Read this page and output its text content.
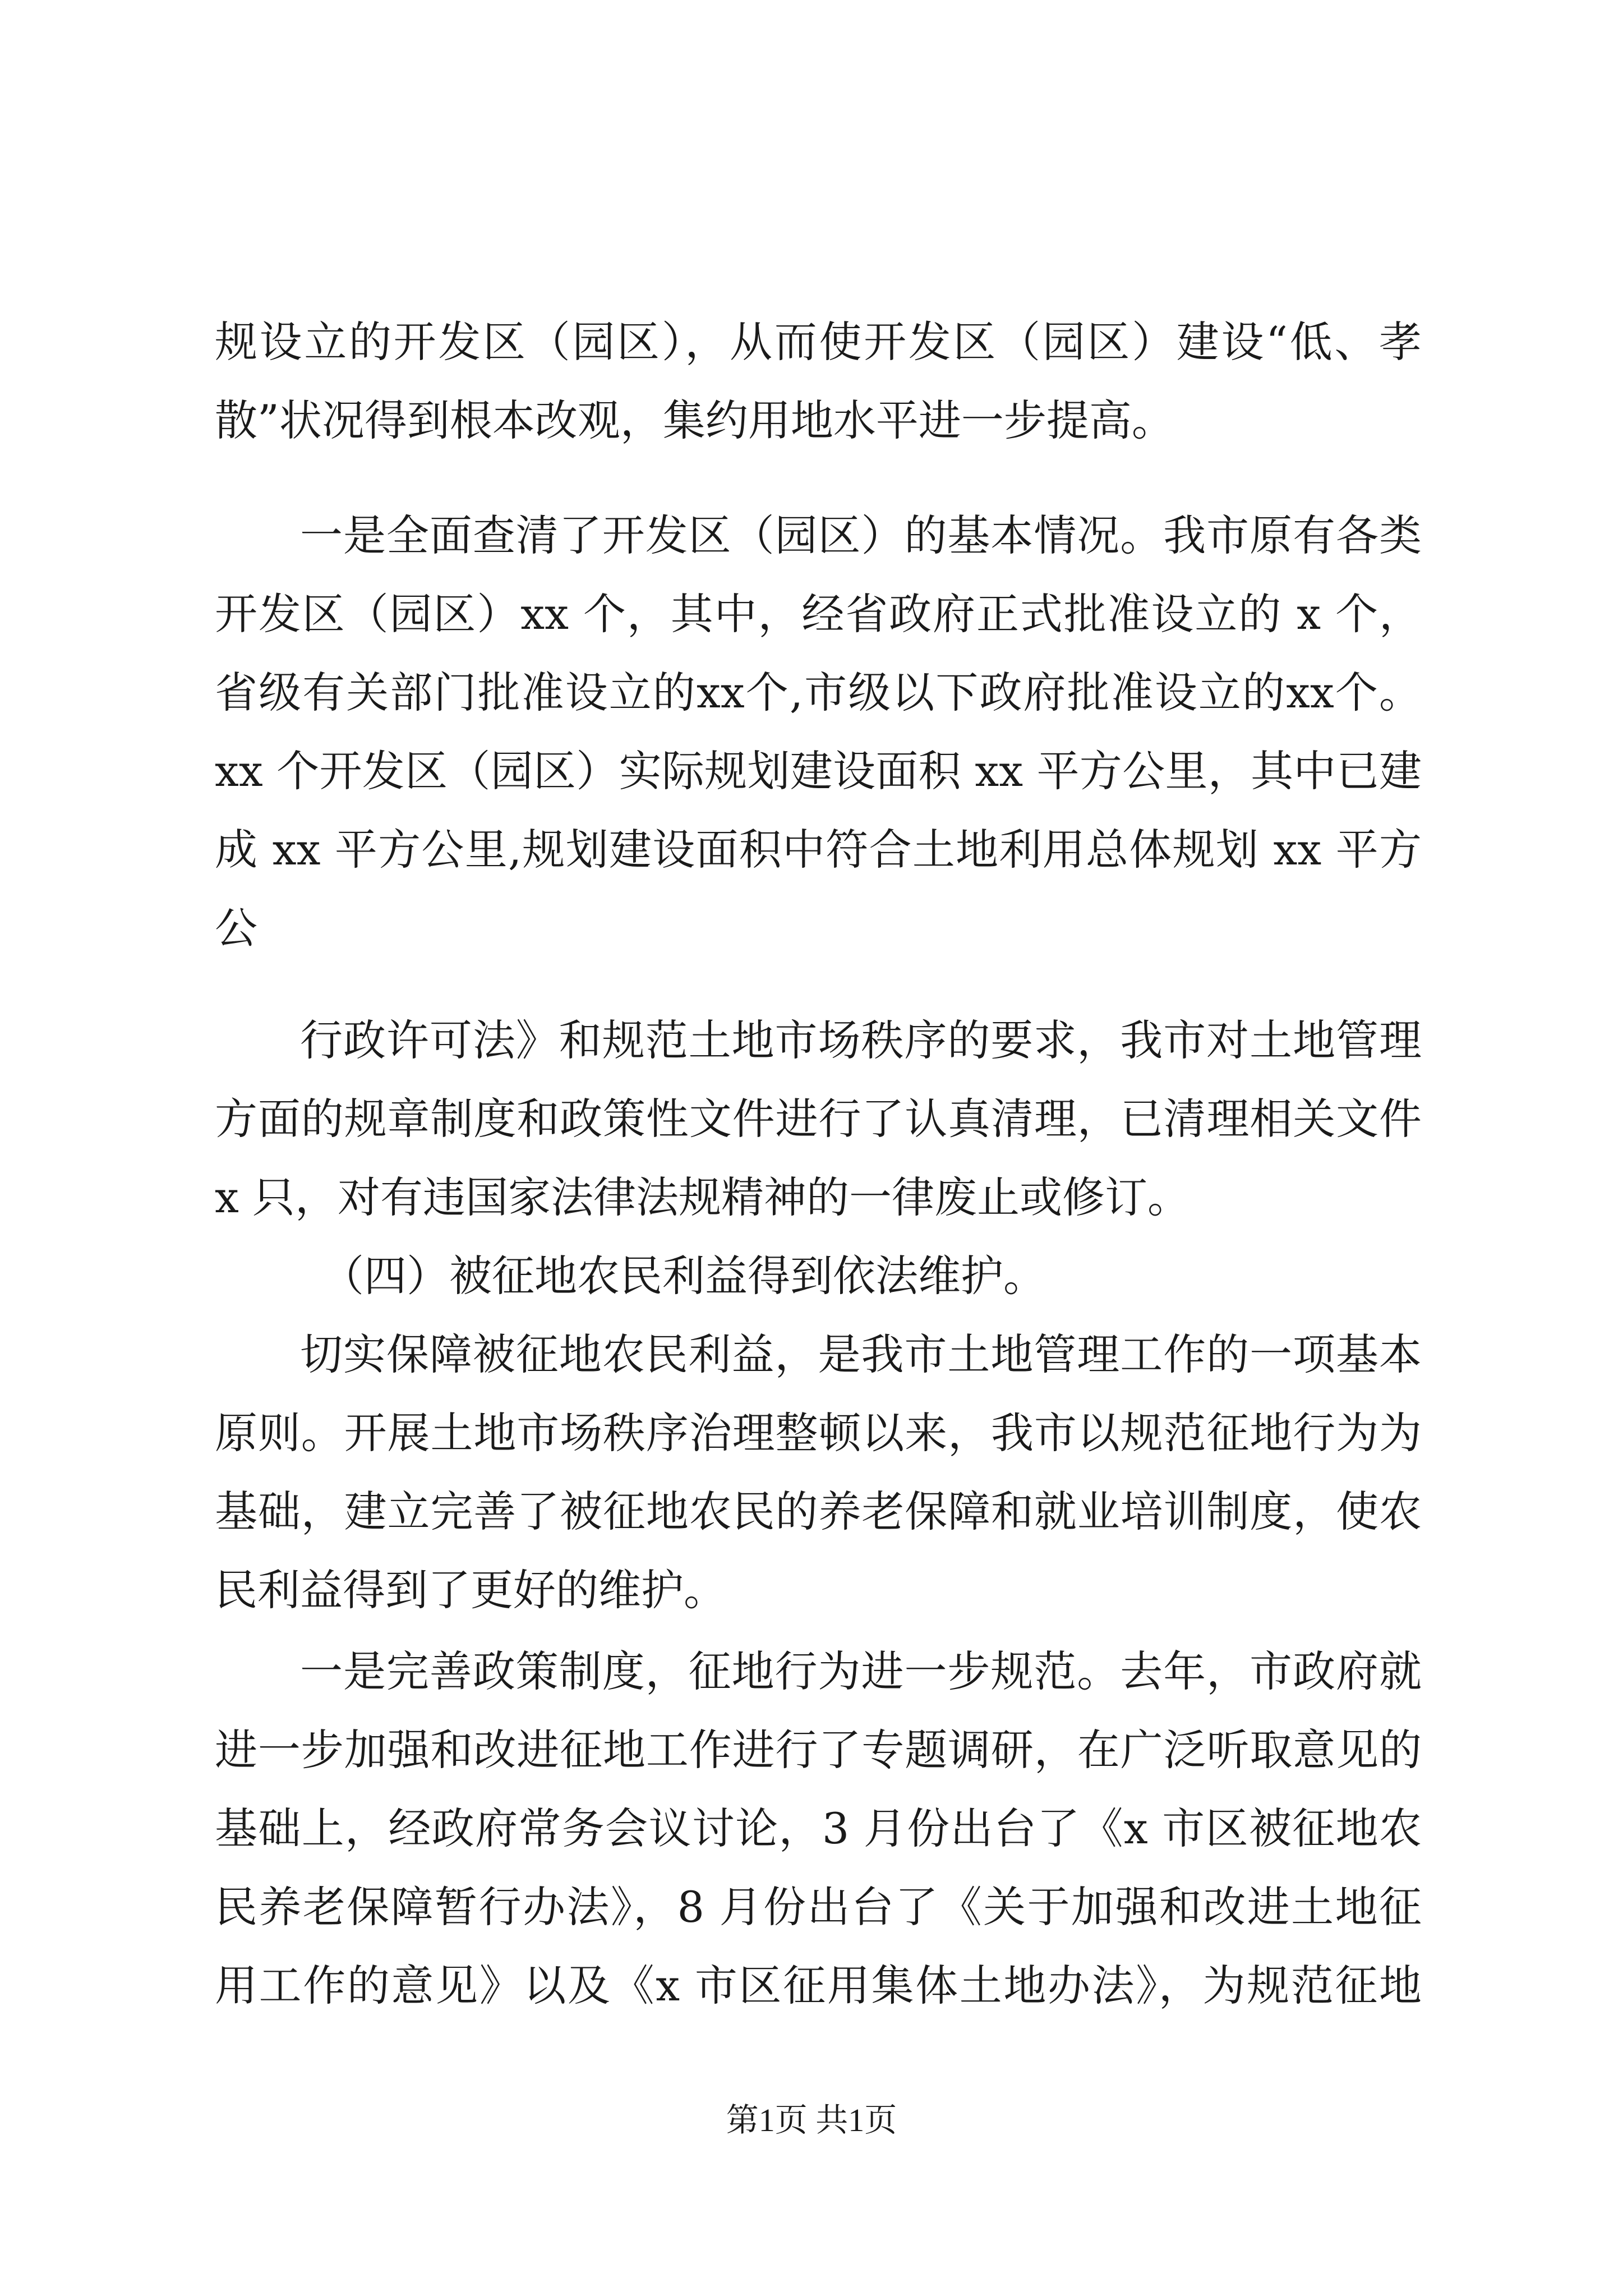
规设立的开发区（园区），从而使开发区（园区）建设“低、孝
散”状况得到根本改观，集约用地水平进一步提高。
一是全面查清了开发区（园区）的基本情况。我市原有各类
开发区（园区）xx 个，其中，经省政府正式批准设立的 x 个，
省级有关部门批准设立的xx个,市级以下政府批准设立的xx个。
xx 个开发区（园区）实际规划建设面积 xx 平方公里，其中已建
成 xx 平方公里,规划建设面积中符合土地利用总体规划 xx 平方
公
行政许可法》和规范土地市场秩序的要求，我市对土地管理
方面的规章制度和政策性文件进行了认真清理，已清理相关文件
x 只，对有违国家法律法规精神的一律废止或修订。
（四）被征地农民利益得到依法维护。
切实保障被征地农民利益，是我市土地管理工作的一项基本
原则。开展土地市场秩序治理整顿以来，我市以规范征地行为为
基础，建立完善了被征地农民的养老保障和就业培训制度，使农
民利益得到了更好的维护。
一是完善政策制度，征地行为进一步规范。去年，市政府就
进一步加强和改进征地工作进行了专题调研，在广泛听取意见的
基础上，经政府常务会议讨论，3 月份出台了《x 市区被征地农
民养老保障暂行办法》，8 月份出台了《关于加强和改进土地征
用工作的意见》以及《x 市区征用集体土地办法》，为规范征地
第1页 共1页
